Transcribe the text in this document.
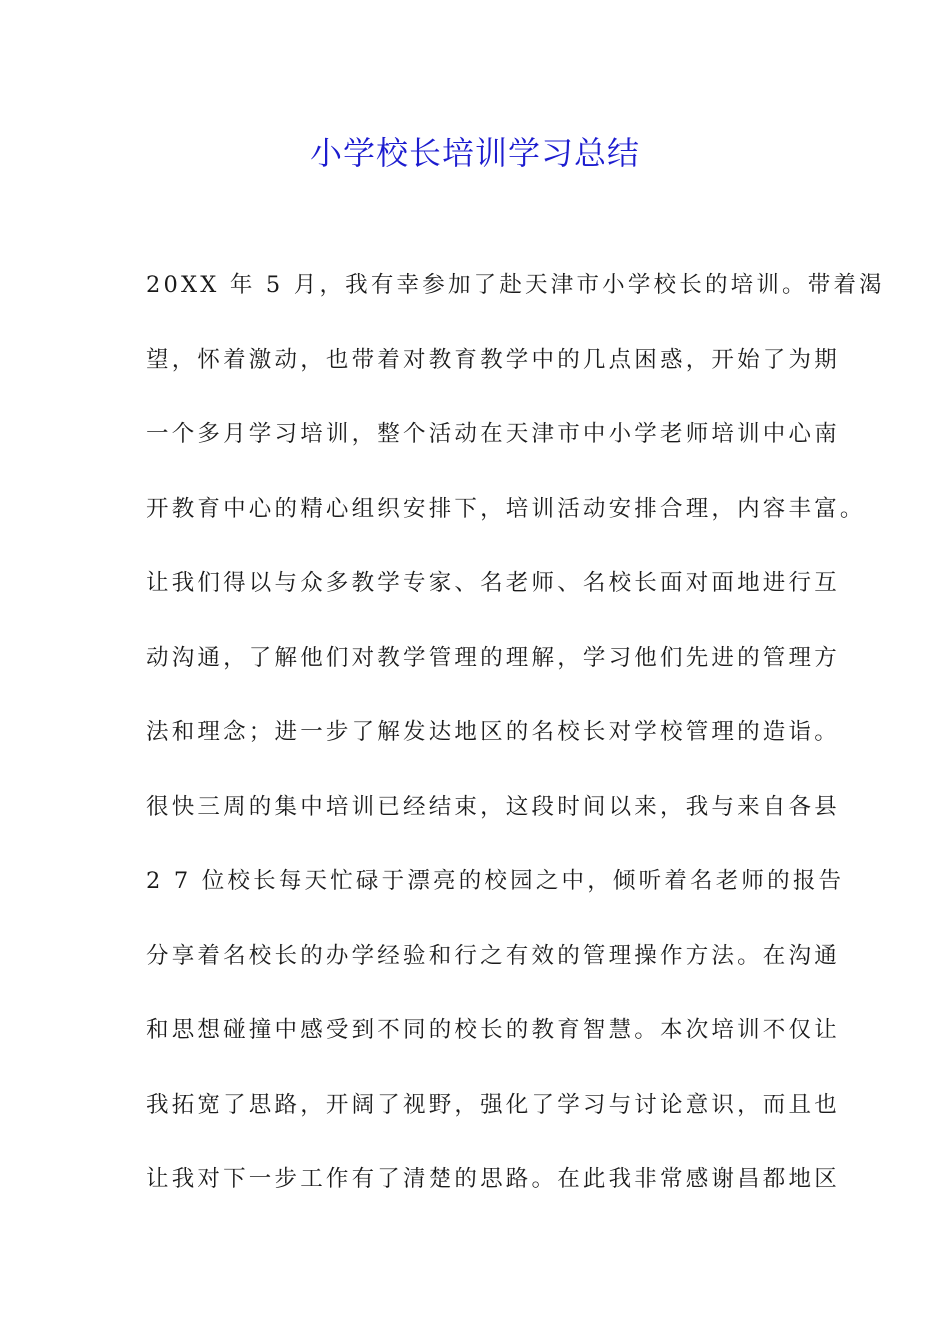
小学校长培训学习总结
20XX 年 5 月，我有幸参加了赴天津市小学校长的培训。带着渴
望，怀着激动，也带着对教育教学中的几点困惑，开始了为期
一个多月学习培训，整个活动在天津市中小学老师培训中心南
开教育中心的精心组织安排下，培训活动安排合理，内容丰富。
让我们得以与众多教学专家、名老师、名校长面对面地进行互
动沟通，了解他们对教学管理的理解，学习他们先进的管理方
法和理念；进一步了解发达地区的名校长对学校管理的造诣。
很快三周的集中培训已经结束，这段时间以来，我与来自各县
2 7 位校长每天忙碌于漂亮的校园之中，倾听着名老师的报告
分享着名校长的办学经验和行之有效的管理操作方法。在沟通
和思想碰撞中感受到不同的校长的教育智慧。本次培训不仅让
我拓宽了思路，开阔了视野，强化了学习与讨论意识，而且也
让我对下一步工作有了清楚的思路。在此我非常感谢昌都地区
